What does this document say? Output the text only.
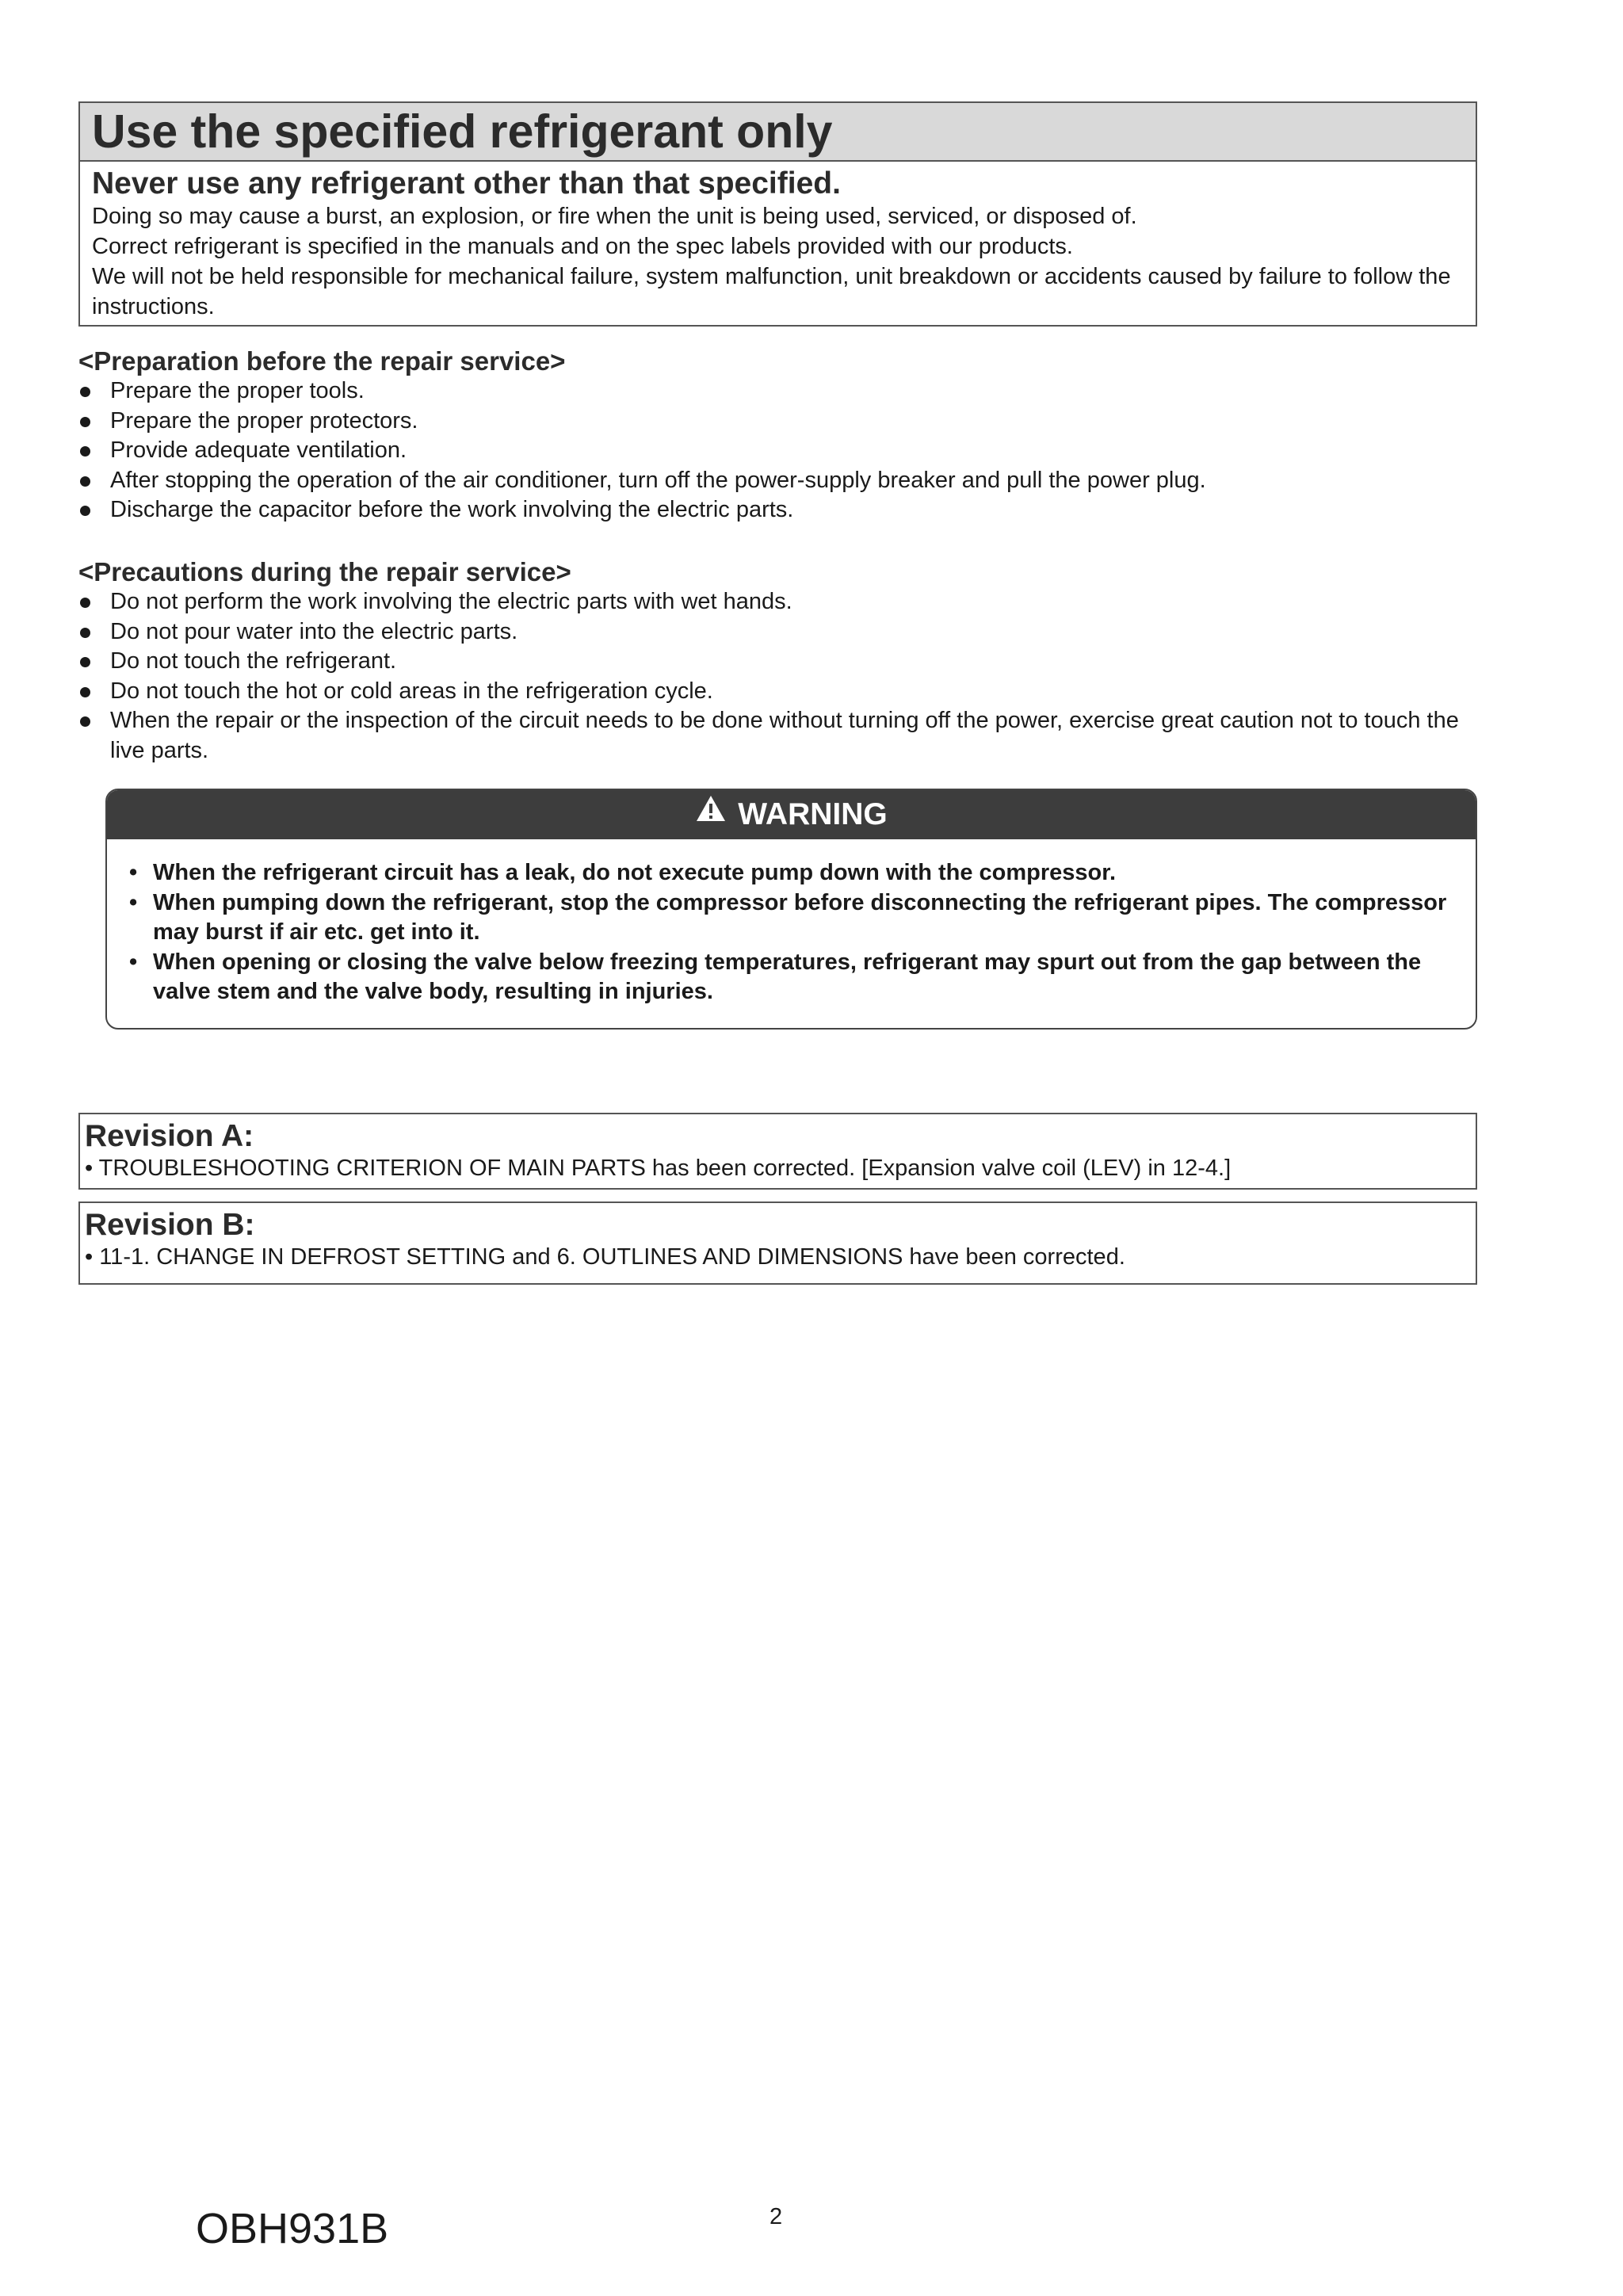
Use the specified refrigerant only
Never use any refrigerant other than that specified.

Doing so may cause a burst, an explosion, or fire when the unit is being used, serviced, or disposed of.

Correct refrigerant is specified in the manuals and on the spec labels provided with our products.

We will not be held responsible for mechanical failure, system malfunction, unit breakdown or accidents caused by failure to follow the instructions.

<Preparation before the repair service>
Prepare the proper tools.
Prepare the proper protectors.
Provide adequate ventilation.
After stopping the operation of the air conditioner, turn off the power-supply breaker and pull the power plug.
Discharge the capacitor before the work involving the electric parts.
<Precautions during the repair service>
Do not perform the work involving the electric parts with wet hands.
Do not pour water into the electric parts.
Do not touch the refrigerant.
Do not touch the hot or cold areas in the refrigeration cycle.
When the repair or the inspection of the circuit needs to be done without turning off the power, exercise great caution not to touch the live parts.
WARNING
• When the refrigerant circuit has a leak, do not execute pump down with the compressor.
• When pumping down the refrigerant, stop the compressor before disconnecting the refrigerant pipes. The compressor may burst if air etc. get into it.
• When opening or closing the valve below freezing temperatures, refrigerant may spurt out from the gap between the valve stem and the valve body, resulting in injuries.
Revision A:
• TROUBLESHOOTING CRITERION OF MAIN PARTS has been corrected. [Expansion valve coil (LEV) in 12-4.]
Revision B:
• 11-1. CHANGE IN DEFROST SETTING and 6. OUTLINES AND DIMENSIONS have been corrected.
OBH931B	2
